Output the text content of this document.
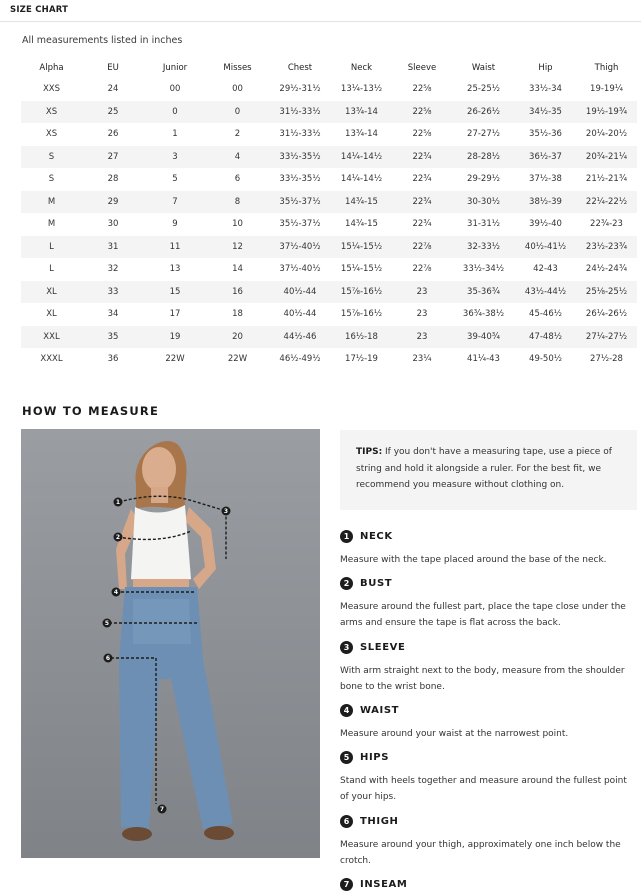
SIZE CHART
All measurements listed in inches
Alpha	EU	Junior	Misses	Chest	Neck	Sleeve	Waist	Hip	Thigh
XXS	24	00	00	29½-31½	13¼-13½	22⅝	25-25½	33½-34	19-19¼
XS	25	0	0	31½-33½	13¾-14	22⅝	26-26½	34½-35	19½-19¾
XS	26	1	2	31½-33½	13¾-14	22⅝	27-27½	35½-36	20¼-20½
S	27	3	4	33½-35½	14¼-14½	22¾	28-28½	36½-37	20¾-21¼
S	28	5	6	33½-35½	14¼-14½	22¾	29-29½	37½-38	21½-21¾
M	29	7	8	35½-37½	14¾-15	22¾	30-30½	38½-39	22¼-22½
M	30	9	10	35½-37½	14¾-15	22¾	31-31½	39½-40	22¾-23
L	31	11	12	37½-40½	15¼-15½	22⅞	32-33½	40½-41½	23½-23¾
L	32	13	14	37½-40½	15¼-15½	22⅞	33½-34½	42-43	24½-24¾
XL	33	15	16	40½-44	15⅞-16½	23	35-36¾	43½-44½	25⅛-25½
XL	34	17	18	40½-44	15⅞-16½	23	36¾-38½	45-46½	26¼-26½
XXL	35	19	20	44½-46	16½-18	23	39-40¾	47-48½	27¼-27½
XXXL	36	22W	22W	46½-49½	17½-19	23¼	41¼-43	49-50½	27½-28
HOW TO MEASURE
1
2
3
4
5
6
7
TIPS: If you don't have a measuring tape, use a piece of string and hold it alongside a ruler. For the best fit, we recommend you measure without clothing on.
1	NECK
Measure with the tape placed around the base of the neck.
2	BUST
Measure around the fullest part, place the tape close under the arms and ensure the tape is flat across the back.
3	SLEEVE
With arm straight next to the body, measure from the shoulder bone to the wrist bone.
4	WAIST
Measure around your waist at the narrowest point.
5	HIPS
Stand with heels together and measure around the fullest point of your hips.
6	THIGH
Measure around your thigh, approximately one inch below the crotch.
7	INSEAM
